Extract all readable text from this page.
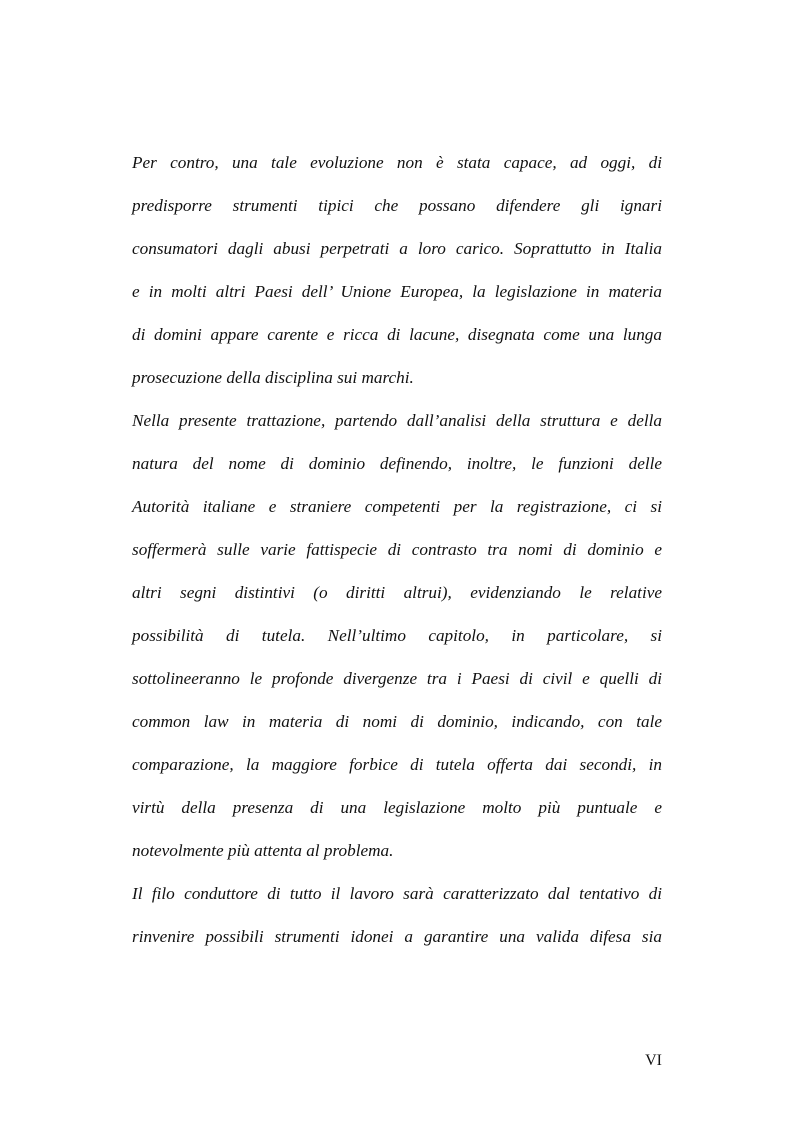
Per contro, una tale evoluzione non è stata capace, ad oggi, di
predisporre strumenti tipici che possano difendere gli ignari
consumatori dagli abusi perpetrati a loro carico. Soprattutto in Italia
e in molti altri Paesi dell’ Unione Europea, la legislazione in materia
di domini appare carente e ricca di lacune, disegnata come una lunga
prosecuzione della disciplina sui marchi.
Nella presente trattazione, partendo dall’analisi della struttura e della
natura del nome di dominio definendo, inoltre, le funzioni delle
Autorità italiane e straniere competenti per la registrazione, ci si
soffermerà sulle varie fattispecie di contrasto tra nomi di dominio e
altri segni distintivi (o diritti altrui), evidenziando le relative
possibilità di tutela. Nell’ultimo capitolo, in particolare, si
sottolineeranno le profonde divergenze tra i Paesi di civil e quelli di
common law in materia di nomi di dominio, indicando, con tale
comparazione, la maggiore forbice di tutela offerta dai secondi, in
virtù della presenza di una legislazione molto più puntuale e
notevolmente più attenta al problema.
Il filo conduttore di tutto il lavoro sarà caratterizzato dal tentativo di
rinvenire possibili strumenti idonei a garantire una valida difesa sia
VI
